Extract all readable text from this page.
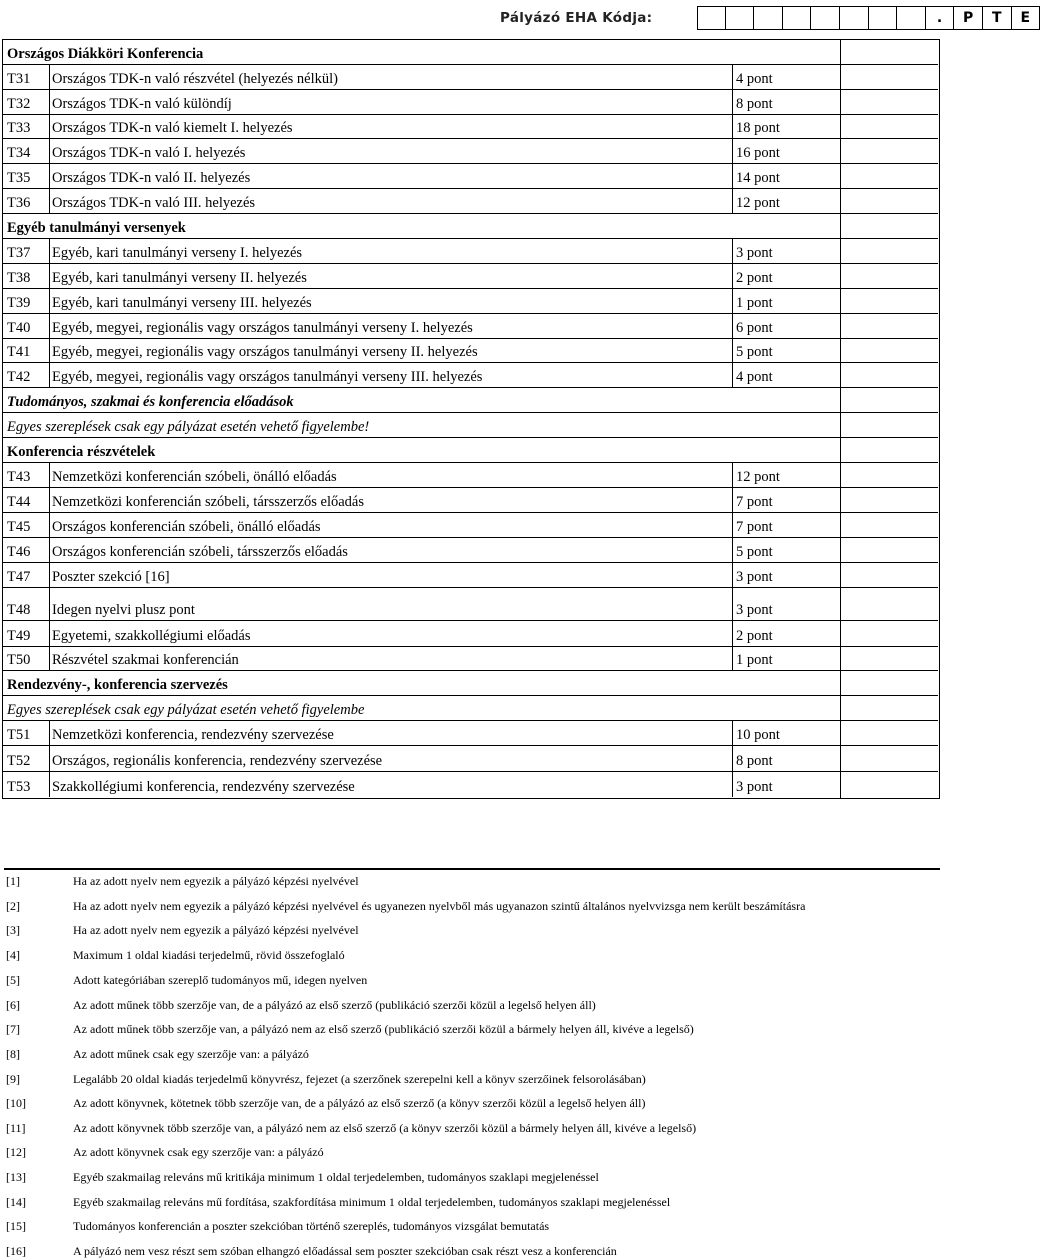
Pályázó EHA Kódja:	.	P	T	E
Országos Diákköri Konferencia
T31 Országos TDK-n való részvétel (helyezés nélkül)	4 pont
T32 Országos TDK-n való különdíj	8 pont
T33 Országos TDK-n való kiemelt I. helyezés	18 pont
T34 Országos TDK-n való I. helyezés	16 pont
T35 Országos TDK-n való II. helyezés	14 pont
T36 Országos TDK-n való III. helyezés	12 pont
Egyéb tanulmányi versenyek
T37 Egyéb, kari tanulmányi verseny I. helyezés	3 pont
T38 Egyéb, kari tanulmányi verseny II. helyezés	2 pont
T39 Egyéb, kari tanulmányi verseny III. helyezés	1 pont
T40 Egyéb, megyei, regionális vagy országos tanulmányi verseny I. helyezés	6 pont
T41 Egyéb, megyei, regionális vagy országos tanulmányi verseny II. helyezés	5 pont
T42 Egyéb, megyei, regionális vagy országos tanulmányi verseny III. helyezés	4 pont
Tudományos, szakmai és konferencia előadások
Egyes szereplések csak egy pályázat esetén vehető figyelembe!
Konferencia részvételek
T43 Nemzetközi konferencián szóbeli, önálló előadás	12 pont
T44 Nemzetközi konferencián szóbeli, társszerzős előadás	7 pont
T45 Országos konferencián szóbeli, önálló előadás	7 pont
T46 Országos konferencián szóbeli, társszerzős előadás	5 pont
T47 Poszter szekció [16]	3 pont
T48 Idegen nyelvi plusz pont	3 pont
T49 Egyetemi, szakkollégiumi előadás	2 pont
T50 Részvétel szakmai konferencián	1 pont
Rendezvény-, konferencia szervezés
Egyes szereplések csak egy pályázat esetén vehető figyelembe
T51 Nemzetközi konferencia, rendezvény szervezése	10 pont
T52 Országos, regionális konferencia, rendezvény szervezése	8 pont
T53 Szakkollégiumi konferencia, rendezvény szervezése	3 pont
[1]	Ha az adott nyelv nem egyezik a pályázó képzési nyelvével
[2]	Ha az adott nyelv nem egyezik a pályázó képzési nyelvével és ugyanezen nyelvből más ugyanazon szintű általános nyelvvizsga nem került beszámításra
[3]	Ha az adott nyelv nem egyezik a pályázó képzési nyelvével
[4]	Maximum 1 oldal kiadási terjedelmű, rövid összefoglaló
[5]	Adott kategóriában szereplő tudományos mű, idegen nyelven
[6]	Az adott műnek több szerzője van, de a pályázó az első szerző (publikáció szerzői közül a legelső helyen áll)
[7]	Az adott műnek több szerzője van, a pályázó nem az első szerző (publikáció szerzői közül a bármely helyen áll, kivéve a legelső)
[8]	Az adott műnek csak egy szerzője van: a pályázó
[9]	Legalább 20 oldal kiadás terjedelmű könyvrész, fejezet (a szerzőnek szerepelni kell a könyv szerzőinek felsorolásában)
[10]	Az adott könyvnek, kötetnek több szerzője van, de a pályázó az első szerző (a könyv szerzői közül a legelső helyen áll)
[11]	Az adott könyvnek több szerzője van, a pályázó nem az első szerző (a könyv szerzői közül a bármely helyen áll, kivéve a legelső)
[12]	Az adott könyvnek csak egy szerzője van: a pályázó
[13]	Egyéb szakmailag releváns mű kritikája minimum 1 oldal terjedelemben, tudományos szaklapi megjelenéssel
[14]	Egyéb szakmailag releváns mű fordítása, szakfordítása minimum 1 oldal terjedelemben, tudományos szaklapi megjelenéssel
[15]	Tudományos konferencián a poszter szekcióban történő szereplés, tudományos vizsgálat bemutatás
[16]	A pályázó nem vesz részt sem szóban elhangzó előadással sem poszter szekcióban csak részt vesz a konferencián
